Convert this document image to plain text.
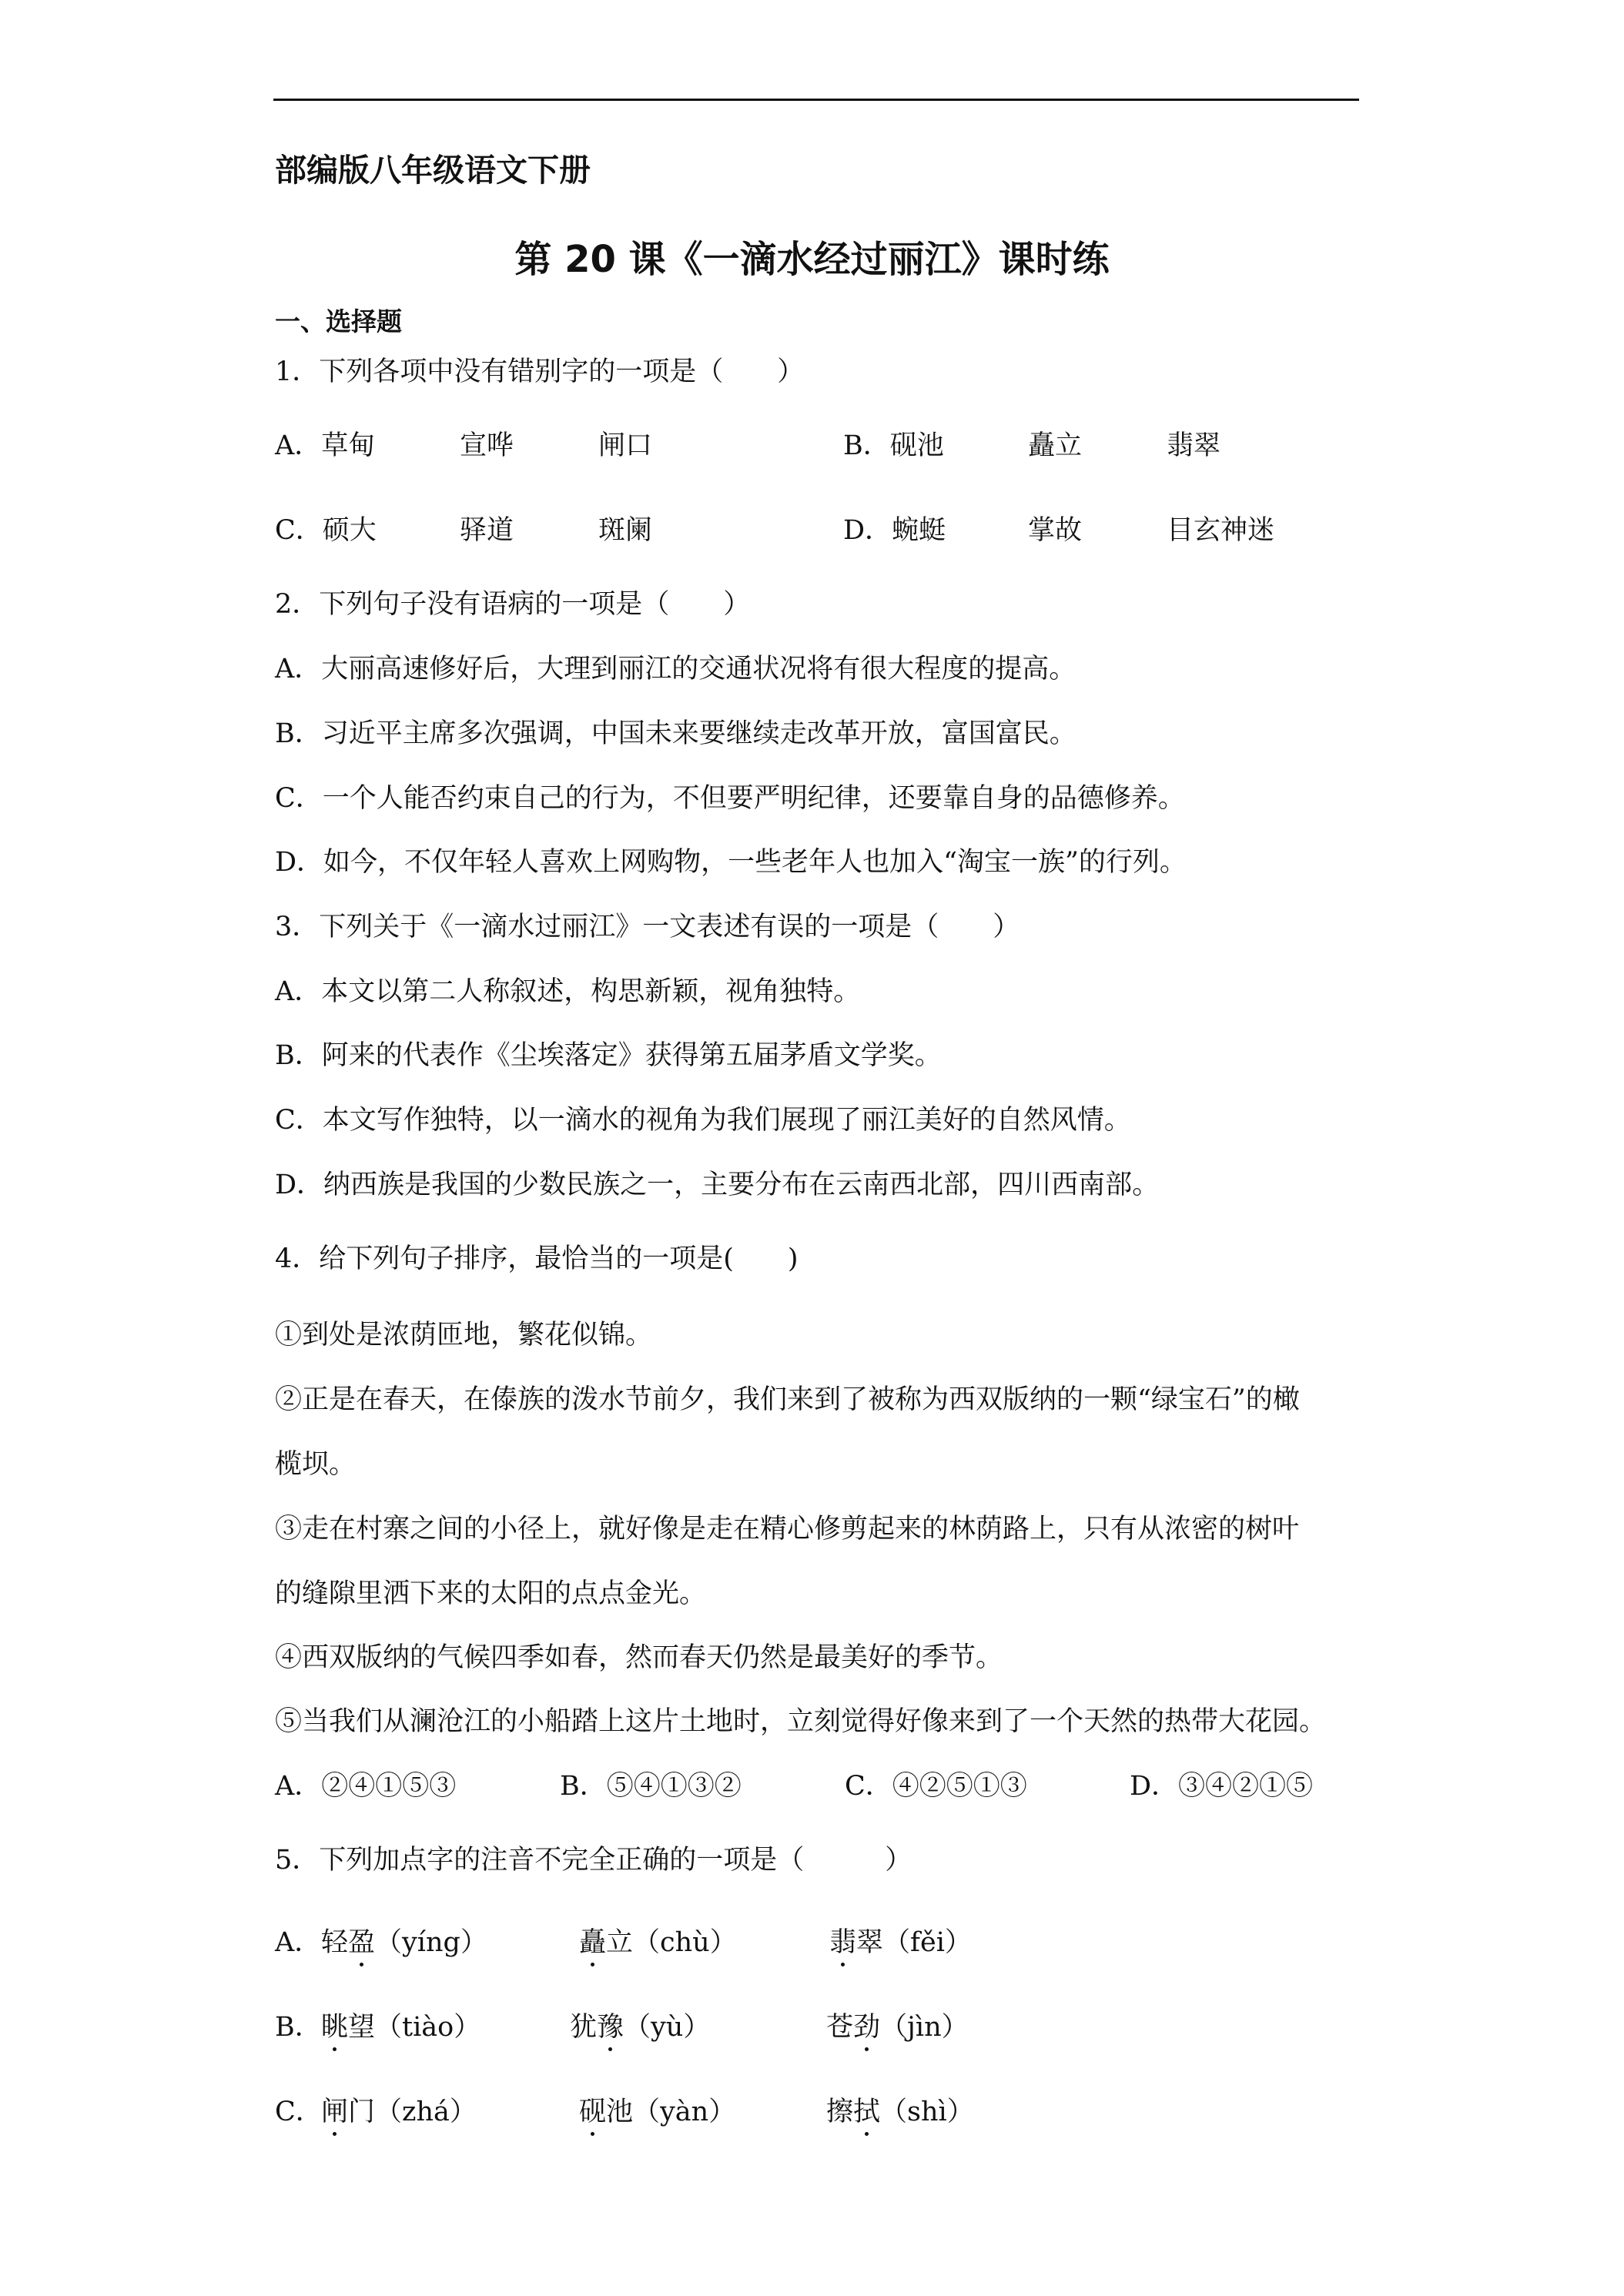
部编版八年级语文下册
第 20 课《一滴水经过丽江》课时练
一、选择题
1．下列各项中没有错别字的一项是（　　）
A．草甸	宣哗	闸口	B．砚池	矗立	翡翠
C．硕大	驿道	斑阑	D．蜿蜓	掌故	目玄神迷
2．下列句子没有语病的一项是（　　）
A．大丽高速修好后，大理到丽江的交通状况将有很大程度的提高。
B．习近平主席多次强调，中国未来要继续走改革开放，富国富民。
C．一个人能否约束自己的行为，不但要严明纪律，还要靠自身的品德修养。
D．如今，不仅年轻人喜欢上网购物，一些老年人也加入“淘宝一族”的行列。
3．下列关于《一滴水过丽江》一文表述有误的一项是（　　）
A．本文以第二人称叙述，构思新颖，视角独特。
B．阿来的代表作《尘埃落定》获得第五届茅盾文学奖。
C．本文写作独特，以一滴水的视角为我们展现了丽江美好的自然风情。
D．纳西族是我国的少数民族之一，主要分布在云南西北部，四川西南部。
4．给下列句子排序，最恰当的一项是(　　)
①到处是浓荫匝地，繁花似锦。
②正是在春天，在傣族的泼水节前夕，我们来到了被称为西双版纳的一颗“绿宝石”的橄
榄坝。
③走在村寨之间的小径上，就好像是走在精心修剪起来的林荫路上，只有从浓密的树叶
的缝隙里洒下来的太阳的点点金光。
④西双版纳的气候四季如春，然而春天仍然是最美好的季节。
⑤当我们从澜沧江的小船踏上这片土地时，立刻觉得好像来到了一个天然的热带大花园。
A．②④①⑤③	B．⑤④①③②	C．④②⑤①③	D．③④②①⑤
5．下列加点字的注音不完全正确的一项是（　　　）
A． 轻盈（yíng）	矗立（chù）	翡翠（fěi）
B． 眺望（tiào）	犹豫（yù）	苍劲（jìn）
C．
闸门（zhá）	砚池（yàn）	擦拭（shì）
